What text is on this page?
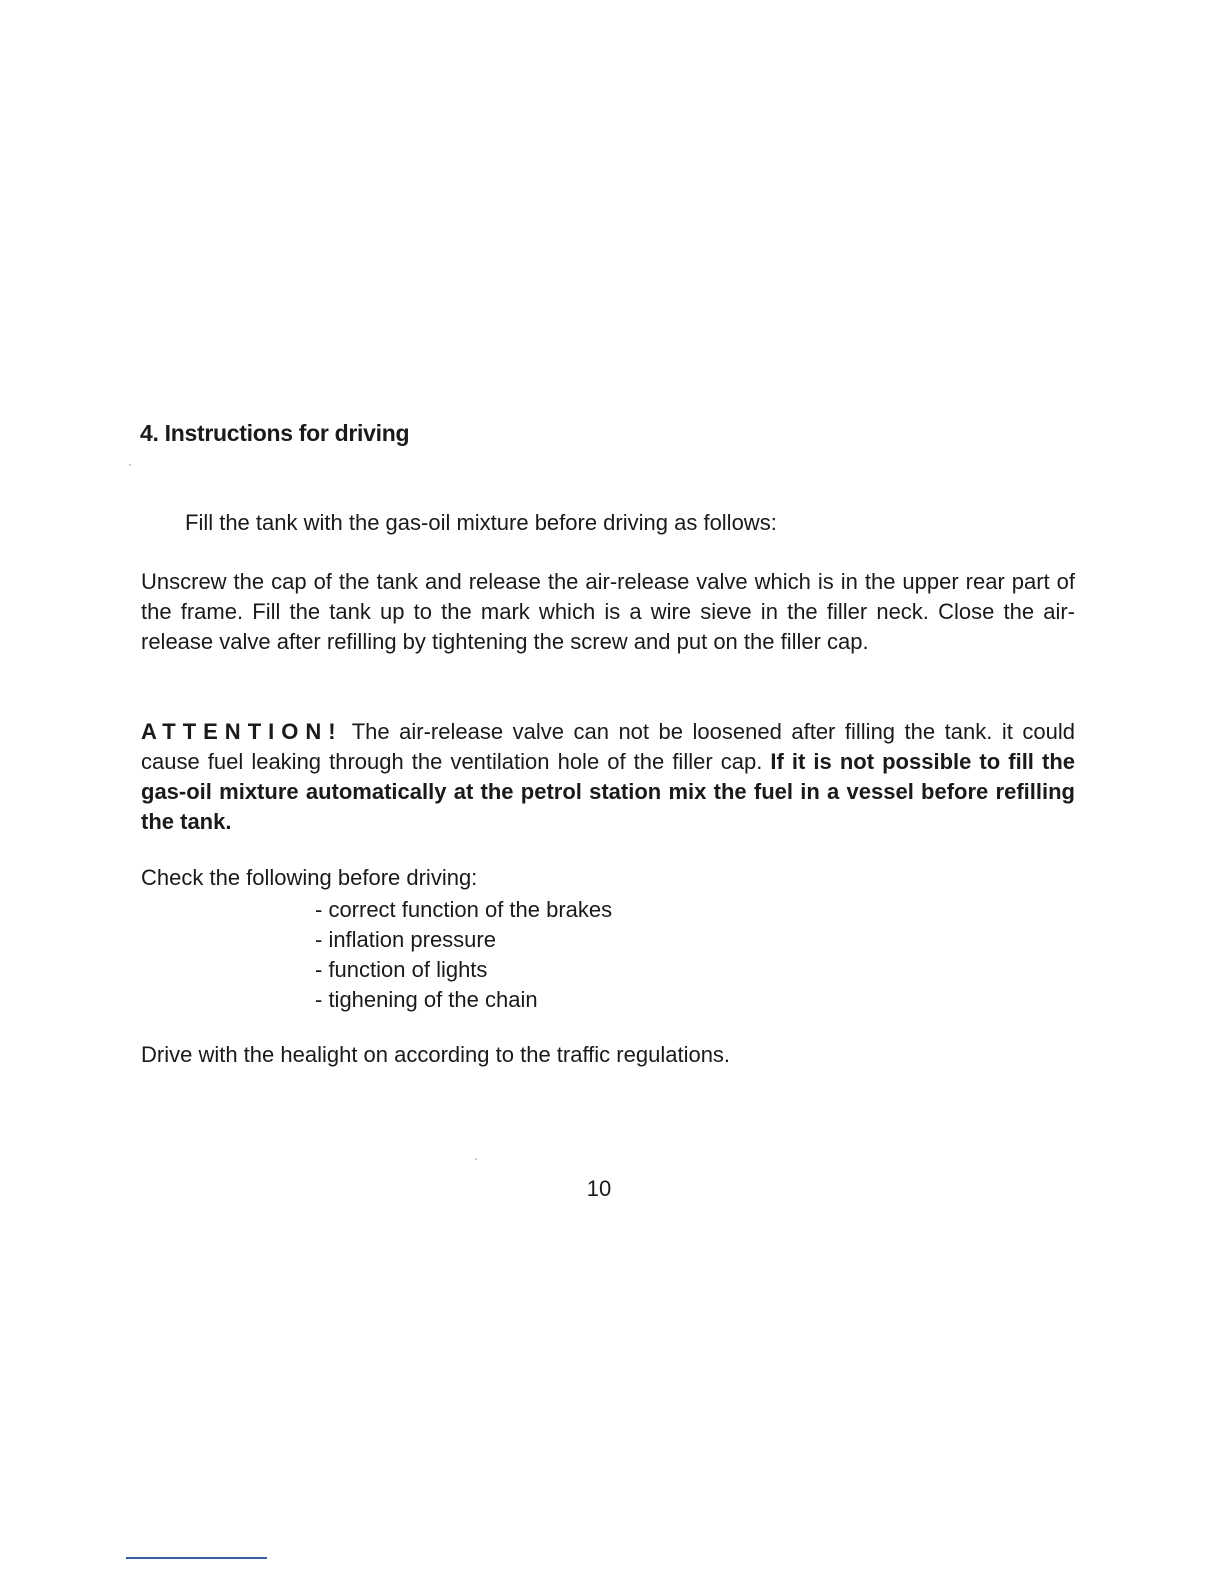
4. Instructions for driving

Fill the tank with the gas-oil mixture before driving as follows:

Unscrew the cap of the tank and release the air-release valve which is in the upper rear part of the frame. Fill the tank up to the mark which is a wire sieve in the filler neck. Close the air-release valve after refilling by tightening the screw and put on the filler cap.

ATTENTION! The air-release valve can not be loosened after filling the tank. it could cause fuel leaking through the ventilation hole of the filler cap. If it is not possible to fill the gas-oil mixture automatically at the petrol station mix the fuel in a vessel before refilling the tank.

Check the following before driving:

- correct function of the brakes
- inflation pressure
- function of lights
- tighening of the chain

Drive with the healight on according to the traffic regulations.

10
